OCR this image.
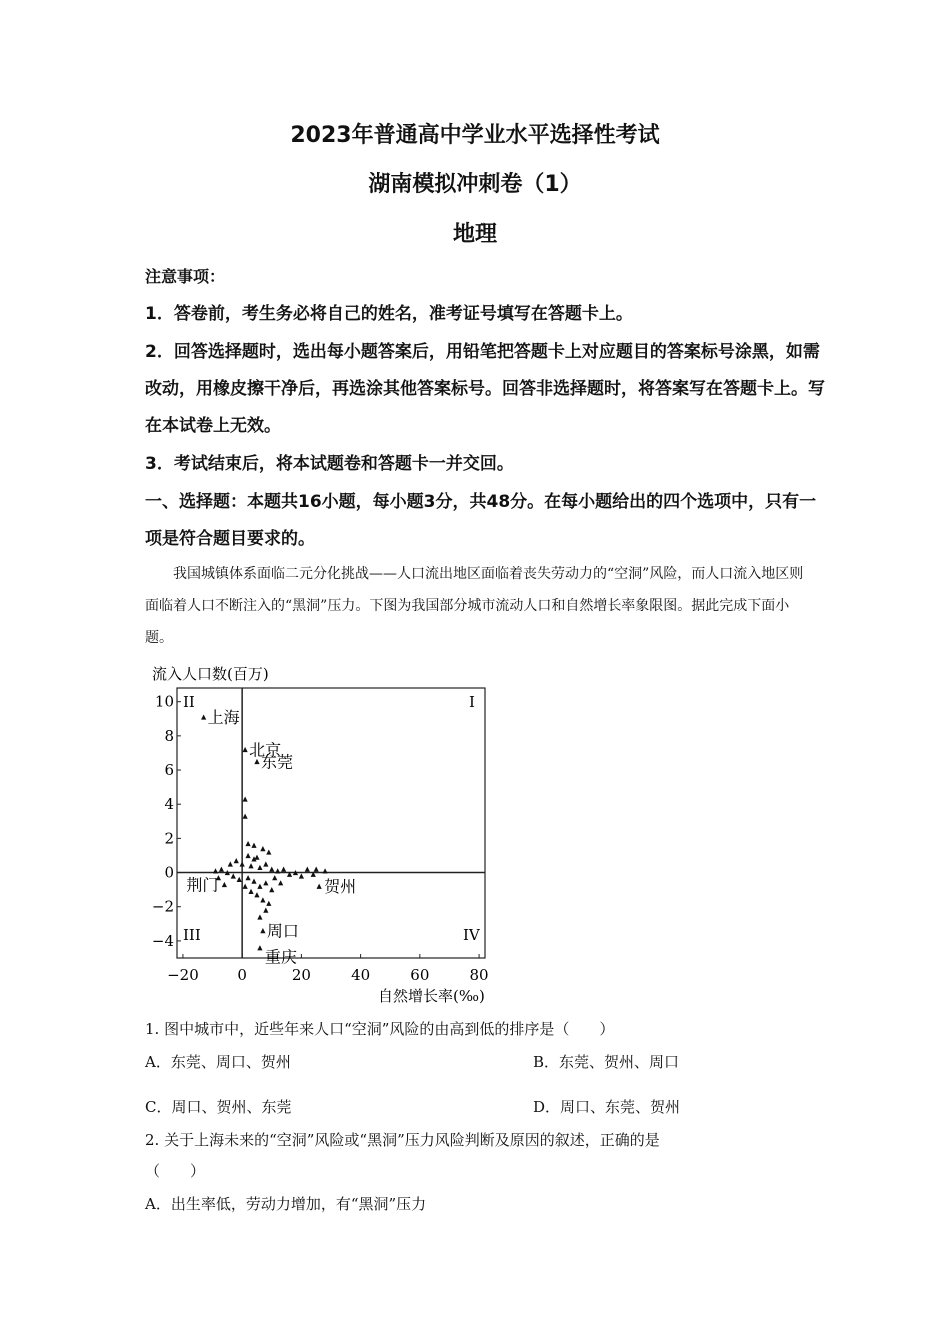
2023年普通高中学业水平选择性考试
湖南模拟冲刺卷（1）
地理
注意事项：
1．答卷前，考生务必将自己的姓名，准考证号填写在答题卡上。
2．回答选择题时，选出每小题答案后，用铅笔把答题卡上对应题目的答案标号涂黑，如需改动，用橡皮擦干净后，再选涂其他答案标号。回答非选择题时，将答案写在答题卡上。写在本试卷上无效。
3．考试结束后，将本试题卷和答题卡一并交回。
一、选择题：本题共16小题，每小题3分，共48分。在每小题给出的四个选项中，只有一项是符合题目要求的。
我国城镇体系面临二元分化挑战——人口流出地区面临着丧失劳动力的“空洞”风险，而人口流入地区则面临着人口不断注入的“黑洞”压力。下图为我国部分城市流动人口和自然增长率象限图。据此完成下面小题。
流入人口数(百万)
自然增长率(‰)
−20	0	20	40	60	80
10
8
6
4
2
0
−2
−4
I
II
III	IV
上海
北京
东莞
荆门	贺州
周口
重庆
1. 图中城市中，近些年来人口“空洞”风险的由高到低的排序是（　　）
A．东莞、周口、贺州	B．东莞、贺州、周口
C．周口、贺州、东莞	D．周口、东莞、贺州
2. 关于上海未来的“空洞”风险或“黑洞”压力风险判断及原因的叙述，正确的是
（　　）
A．出生率低，劳动力增加，有“黑洞”压力
